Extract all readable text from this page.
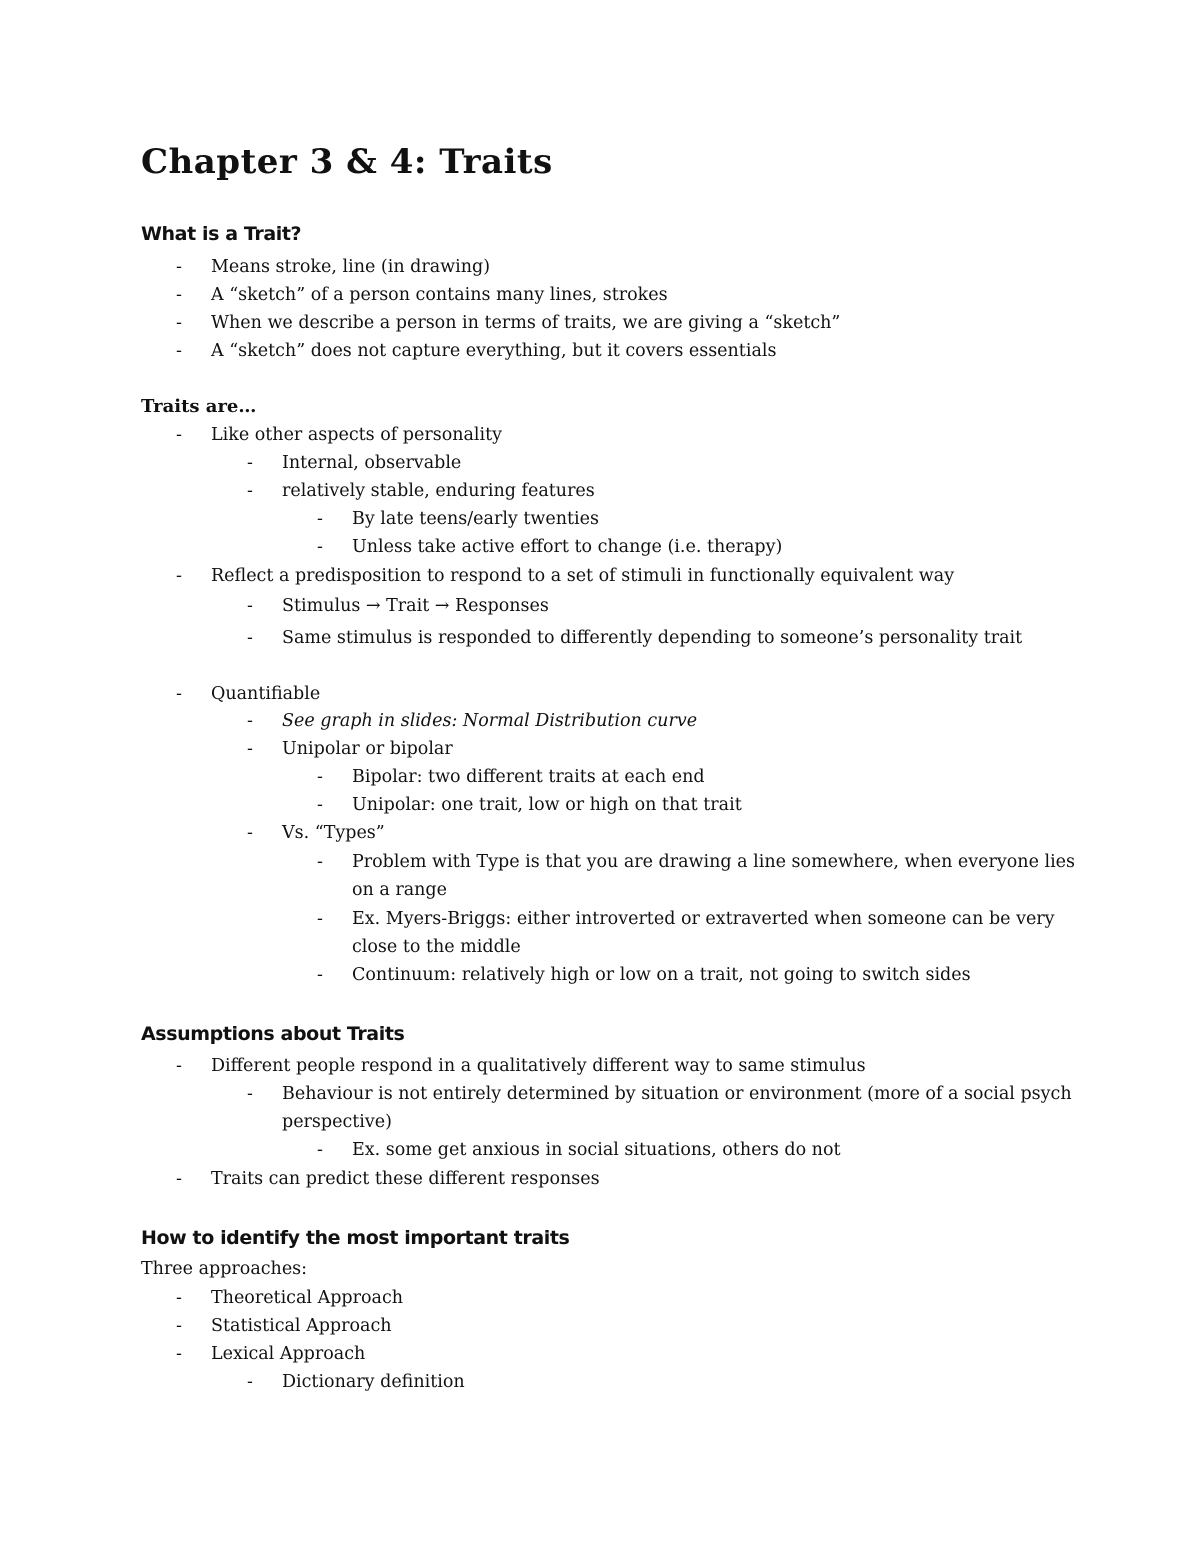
Chapter 3 & 4: Traits
What is a Trait?
- Means stroke, line (in drawing)
- A “sketch” of a person contains many lines, strokes
- When we describe a person in terms of traits, we are giving a “sketch”
- A “sketch” does not capture everything, but it covers essentials
Traits are…
- Like other aspects of personality
- Internal, observable
- relatively stable, enduring features
- By late teens/early twenties
- Unless take active effort to change (i.e. therapy)
- Reflect a predisposition to respond to a set of stimuli in functionally equivalent way
- Stimulus → Trait → Responses
- Same stimulus is responded to differently depending to someone’s personality trait
- Quantifiable
- See graph in slides: Normal Distribution curve
- Unipolar or bipolar
- Bipolar: two different traits at each end
- Unipolar: one trait, low or high on that trait
- Vs. “Types”
- Problem with Type is that you are drawing a line somewhere, when everyone lies on a range
- Ex. Myers-Briggs: either introverted or extraverted when someone can be very close to the middle
- Continuum: relatively high or low on a trait, not going to switch sides
Assumptions about Traits
- Different people respond in a qualitatively different way to same stimulus
- Behaviour is not entirely determined by situation or environment (more of a social psych perspective)
- Ex. some get anxious in social situations, others do not
- Traits can predict these different responses
How to identify the most important traits

Three approaches:

- Theoretical Approach
- Statistical Approach
- Lexical Approach
- Dictionary definition
